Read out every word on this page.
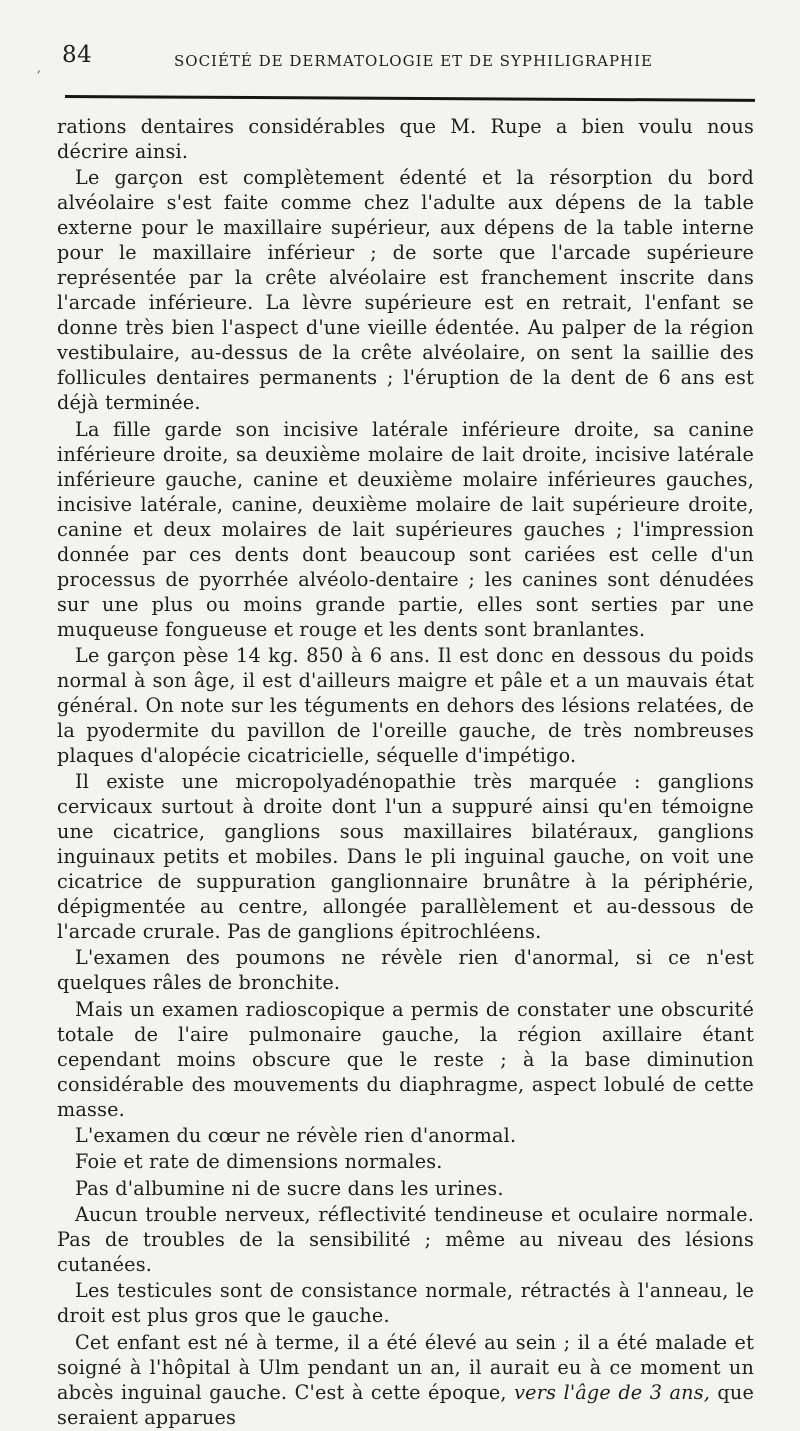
, 84	SOCIÉTÉ DE DERMATOLOGIE ET DE SYPHILIGRAPHIE

rations dentaires considérables que M. Rupe a bien voulu nous décrire ainsi.

Le garçon est complètement édenté et la résorption du bord alvéolaire s'est faite comme chez l'adulte aux dépens de la table externe pour le maxillaire supérieur, aux dépens de la table interne pour le maxillaire inférieur ; de sorte que l'arcade supérieure représentée par la crête alvéolaire est franchement inscrite dans l'arcade inférieure. La lèvre supérieure est en retrait, l'enfant se donne très bien l'aspect d'une vieille édentée. Au palper de la région vestibulaire, au-dessus de la crête alvéolaire, on sent la saillie des follicules dentaires permanents ; l'éruption de la dent de 6 ans est déjà terminée.

La fille garde son incisive latérale inférieure droite, sa canine inférieure droite, sa deuxième molaire de lait droite, incisive latérale inférieure gauche, canine et deuxième molaire inférieures gauches, incisive latérale, canine, deuxième molaire de lait supérieure droite, canine et deux molaires de lait supérieures gauches ; l'impression donnée par ces dents dont beaucoup sont cariées est celle d'un processus de pyorrhée alvéolo-dentaire ; les canines sont dénudées sur une plus ou moins grande partie, elles sont serties par une muqueuse fongueuse et rouge et les dents sont branlantes.

Le garçon pèse 14 kg. 850 à 6 ans. Il est donc en dessous du poids normal à son âge, il est d'ailleurs maigre et pâle et a un mauvais état général. On note sur les téguments en dehors des lésions relatées, de la pyodermite du pavillon de l'oreille gauche, de très nombreuses plaques d'alopécie cicatricielle, séquelle d'impétigo.

Il existe une micropolyadénopathie très marquée : ganglions cervicaux surtout à droite dont l'un a suppuré ainsi qu'en témoigne une cicatrice, ganglions sous maxillaires bilatéraux, ganglions inguinaux petits et mobiles. Dans le pli inguinal gauche, on voit une cicatrice de suppuration ganglionnaire brunâtre à la périphérie, dépigmentée au centre, allongée parallèlement et au-dessous de l'arcade crurale. Pas de ganglions épitrochléens.

L'examen des poumons ne révèle rien d'anormal, si ce n'est quelques râles de bronchite.

Mais un examen radioscopique a permis de constater une obscurité totale de l'aire pulmonaire gauche, la région axillaire étant cependant moins obscure que le reste ; à la base diminution considérable des mouvements du diaphragme, aspect lobulé de cette masse.

L'examen du cœur ne révèle rien d'anormal.

Foie et rate de dimensions normales.

Pas d'albumine ni de sucre dans les urines.

Aucun trouble nerveux, réflectivité tendineuse et oculaire normale. Pas de troubles de la sensibilité ; même au niveau des lésions cutanées.

Les testicules sont de consistance normale, rétractés à l'anneau, le droit est plus gros que le gauche.

Cet enfant est né à terme, il a été élevé au sein ; il a été malade et soigné à l'hôpital à Ulm pendant un an, il aurait eu à ce moment un abcès inguinal gauche. C'est à cette époque, vers l'âge de 3 ans, que seraient apparues
